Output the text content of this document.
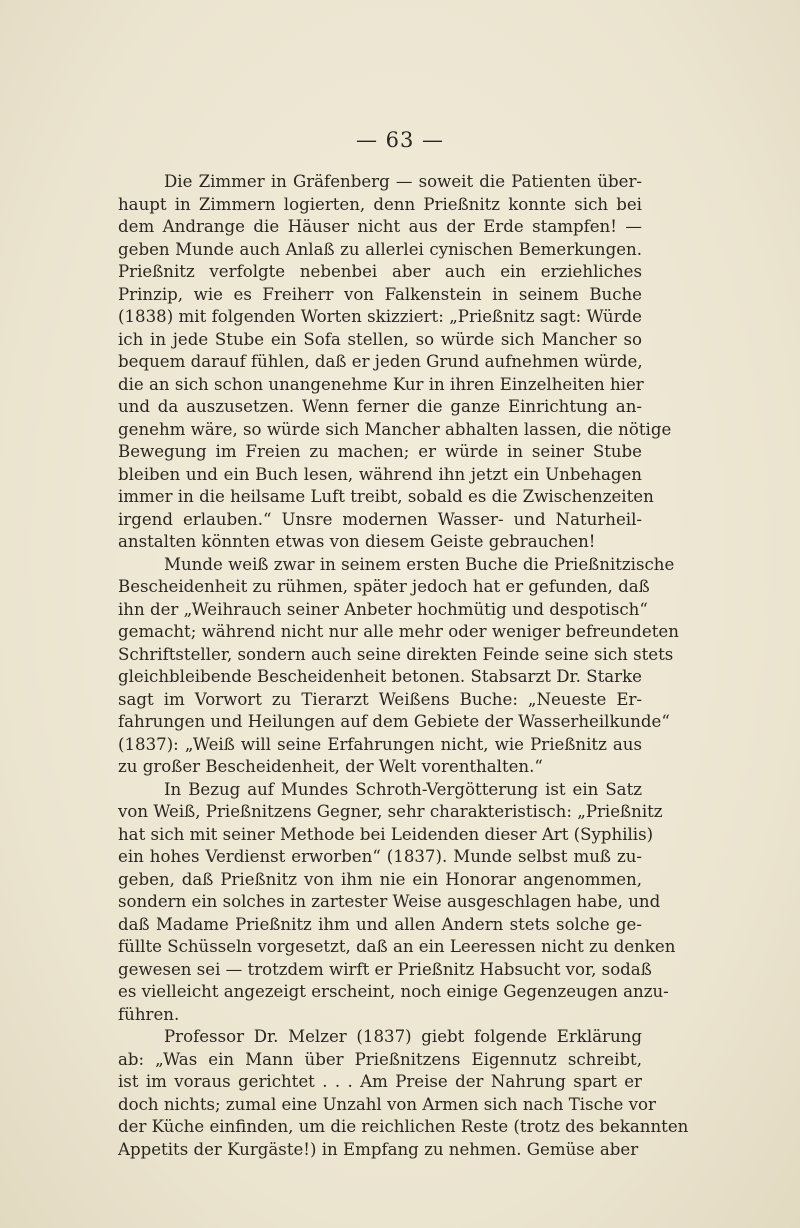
— 63 —
Die Zimmer in Gräfenberg — soweit die Patienten über-
haupt in Zimmern logierten, denn Prießnitz konnte sich bei
dem Andrange die Häuser nicht aus der Erde stampfen! —
geben Munde auch Anlaß zu allerlei cynischen Bemerkungen.
Prießnitz verfolgte nebenbei aber auch ein erziehliches
Prinzip, wie es Freiherr von Falkenstein in seinem Buche
(1838) mit folgenden Worten skizziert: „Prießnitz sagt: Würde
ich in jede Stube ein Sofa stellen, so würde sich Mancher so
bequem darauf fühlen, daß er jeden Grund aufnehmen würde,
die an sich schon unangenehme Kur in ihren Einzelheiten hier
und da auszusetzen. Wenn ferner die ganze Einrichtung an-
genehm wäre, so würde sich Mancher abhalten lassen, die nötige
Bewegung im Freien zu machen; er würde in seiner Stube
bleiben und ein Buch lesen, während ihn jetzt ein Unbehagen
immer in die heilsame Luft treibt, sobald es die Zwischenzeiten
irgend erlauben.“ Unsre modernen Wasser- und Naturheil-
anstalten könnten etwas von diesem Geiste gebrauchen!
Munde weiß zwar in seinem ersten Buche die Prießnitzische
Bescheidenheit zu rühmen, später jedoch hat er gefunden, daß
ihn der „Weihrauch seiner Anbeter hochmütig und despotisch“
gemacht; während nicht nur alle mehr oder weniger befreundeten
Schriftsteller, sondern auch seine direkten Feinde seine sich stets
gleichbleibende Bescheidenheit betonen. Stabsarzt Dr. Starke
sagt im Vorwort zu Tierarzt Weißens Buche: „Neueste Er-
fahrungen und Heilungen auf dem Gebiete der Wasserheilkunde“
(1837): „Weiß will seine Erfahrungen nicht, wie Prießnitz aus
zu großer Bescheidenheit, der Welt vorenthalten.“
In Bezug auf Mundes Schroth-Vergötterung ist ein Satz
von Weiß, Prießnitzens Gegner, sehr charakteristisch: „Prießnitz
hat sich mit seiner Methode bei Leidenden dieser Art (Syphilis)
ein hohes Verdienst erworben“ (1837). Munde selbst muß zu-
geben, daß Prießnitz von ihm nie ein Honorar angenommen,
sondern ein solches in zartester Weise ausgeschlagen habe, und
daß Madame Prießnitz ihm und allen Andern stets solche ge-
füllte Schüsseln vorgesetzt, daß an ein Leeressen nicht zu denken
gewesen sei — trotzdem wirft er Prießnitz Habsucht vor, sodaß
es vielleicht angezeigt erscheint, noch einige Gegenzeugen anzu-
führen.
Professor Dr. Melzer (1837) giebt folgende Erklärung
ab: „Was ein Mann über Prießnitzens Eigennutz schreibt,
ist im voraus gerichtet . . . Am Preise der Nahrung spart er
doch nichts; zumal eine Unzahl von Armen sich nach Tische vor
der Küche einfinden, um die reichlichen Reste (trotz des bekannten
Appetits der Kurgäste!) in Empfang zu nehmen. Gemüse aber
